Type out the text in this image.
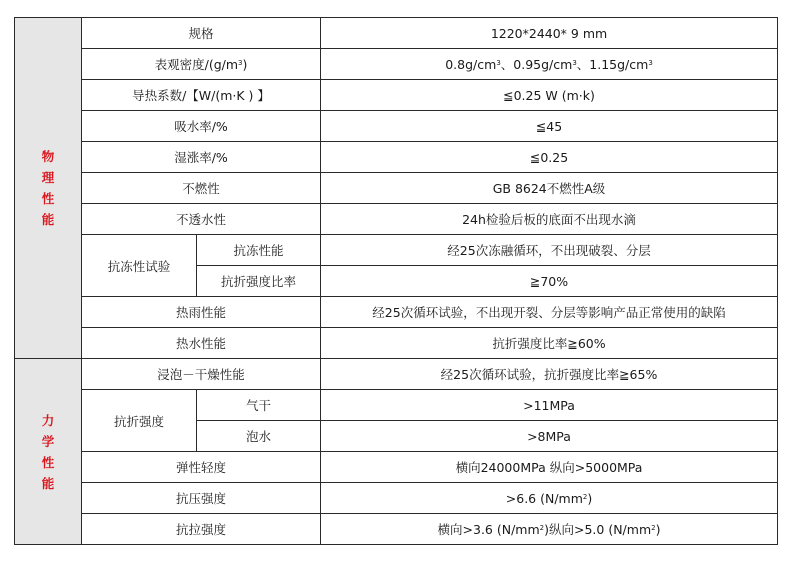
物
理
性
能	规格		1220*2440* 9 mm
	表观密度$/(g/m^3)$		$0.8g/cm^3$、$0.95g/cm^3$、$1.15g/cm^3$
	导热系数/【W/(m·K ) 】		≦0.25 W (m·k)
	吸水率/%		≦45
	湿涨率/%		≦0.25
	不燃性		GB 8624不燃性A级
	不透水性		24h检验后板的底面不出现水滴
	抗冻性试验	抗冻性能	经25次冻融循环，不出现破裂、分层
		抗折强度比率	≧70%
	热雨性能		经25次循环试验，不出现开裂、分层等影响产品正常使用的缺陷
	热水性能		抗折强度比率≧60%

力
学
性
能	浸泡－干燥性能		经25次循环试验，抗折强度比率≧65%
	抗折强度	气干	>11MPa
		泡水	>8MPa
	弹性轻度		横向24000MPa 纵向>5000MPa
	抗压强度		>6.6 $(N/mm^2)$
	抗拉强度		横向>3.6 $(N/mm^2)$纵向>5.0 $(N/mm^2)$
